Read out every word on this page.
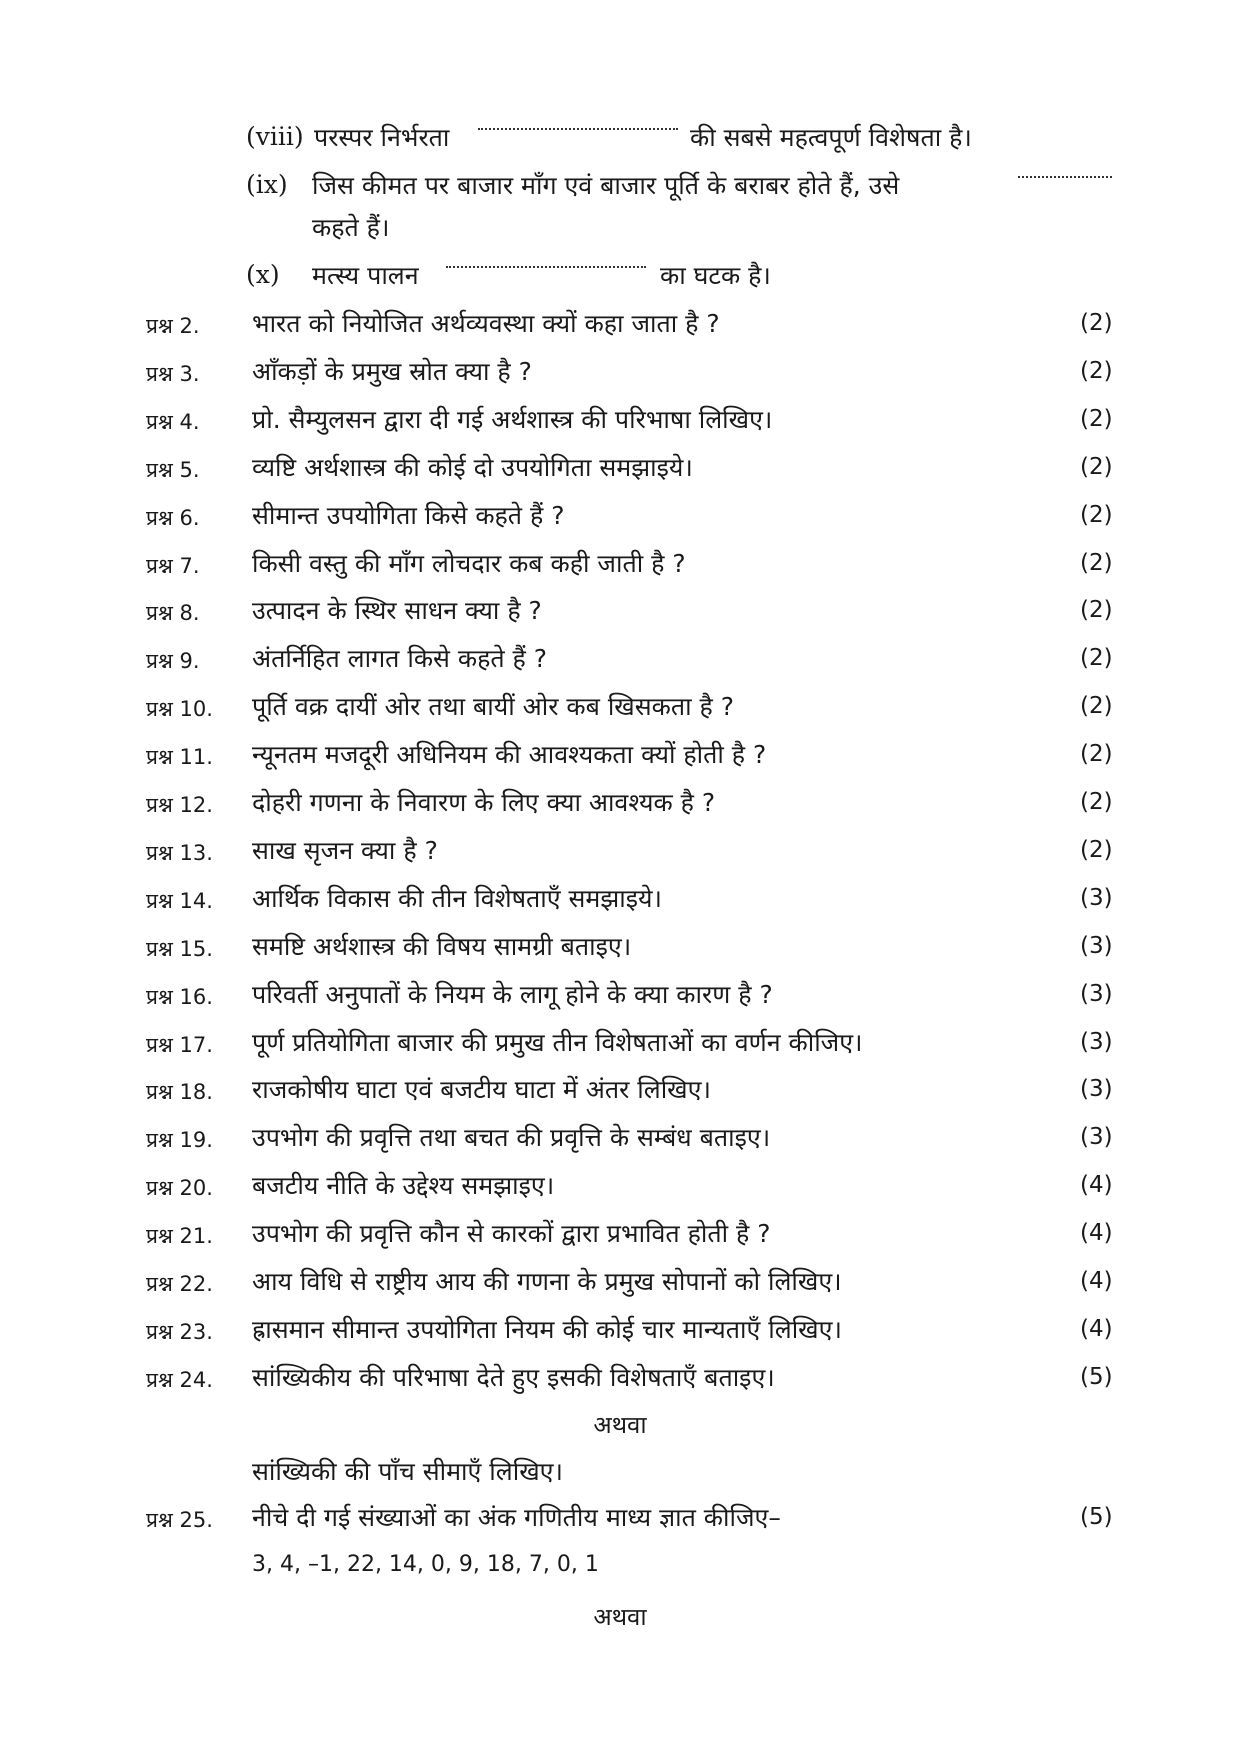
(viii) परस्पर निर्भरता	की सबसे महत्वपूर्ण विशेषता है।
(ix) जिस कीमत पर बाजार माँग एवं बाजार पूर्ति के बराबर होते हैं, उसे
कहते हैं।
(x) मत्स्य पालन	का घटक है।
प्रश्न 2. भारत को नियोजित अर्थव्यवस्था क्यों कहा जाता है ?	(2)
प्रश्न 3. आँकड़ों के प्रमुख स्रोत क्या है ?	(2)
प्रश्न 4. प्रो. सैम्युलसन द्वारा दी गई अर्थशास्त्र की परिभाषा लिखिए।	(2)
प्रश्न 5. व्यष्टि अर्थशास्त्र की कोई दो उपयोगिता समझाइये।	(2)
प्रश्न 6. सीमान्त उपयोगिता किसे कहते हैं ?	(2)
प्रश्न 7. किसी वस्तु की माँग लोचदार कब कही जाती है ?	(2)
प्रश्न 8. उत्पादन के स्थिर साधन क्या है ?	(2)
प्रश्न 9. अंतर्निहित लागत किसे कहते हैं ?	(2)
प्रश्न 10. पूर्ति वक्र दायीं ओर तथा बायीं ओर कब खिसकता है ?	(2)
प्रश्न 11. न्यूनतम मजदूरी अधिनियम की आवश्यकता क्यों होती है ?	(2)
प्रश्न 12. दोहरी गणना के निवारण के लिए क्या आवश्यक है ?	(2)
प्रश्न 13. साख सृजन क्या है ?	(2)
प्रश्न 14. आर्थिक विकास की तीन विशेषताएँ समझाइये।	(3)
प्रश्न 15. समष्टि अर्थशास्त्र की विषय सामग्री बताइए।	(3)
प्रश्न 16. परिवर्ती अनुपातों के नियम के लागू होने के क्या कारण है ?	(3)
प्रश्न 17. पूर्ण प्रतियोगिता बाजार की प्रमुख तीन विशेषताओं का वर्णन कीजिए।	(3)
प्रश्न 18. राजकोषीय घाटा एवं बजटीय घाटा में अंतर लिखिए।	(3)
प्रश्न 19. उपभोग की प्रवृत्ति तथा बचत की प्रवृत्ति के सम्बंध बताइए।	(3)
प्रश्न 20. बजटीय नीति के उद्देश्य समझाइए।	(4)
प्रश्न 21. उपभोग की प्रवृत्ति कौन से कारकों द्वारा प्रभावित होती है ?	(4)
प्रश्न 22. आय विधि से राष्ट्रीय आय की गणना के प्रमुख सोपानों को लिखिए।	(4)
प्रश्न 23. ह्रासमान सीमान्त उपयोगिता नियम की कोई चार मान्यताएँ लिखिए।	(4)
प्रश्न 24. सांख्यिकीय की परिभाषा देते हुए इसकी विशेषताएँ बताइए।	(5)
अथवा
सांख्यिकी की पाँच सीमाएँ लिखिए।
प्रश्न 25. नीचे दी गई संख्याओं का अंक गणितीय माध्य ज्ञात कीजिए–	(5)
3, 4, –1, 22, 14, 0, 9, 18, 7, 0, 1
अथवा
